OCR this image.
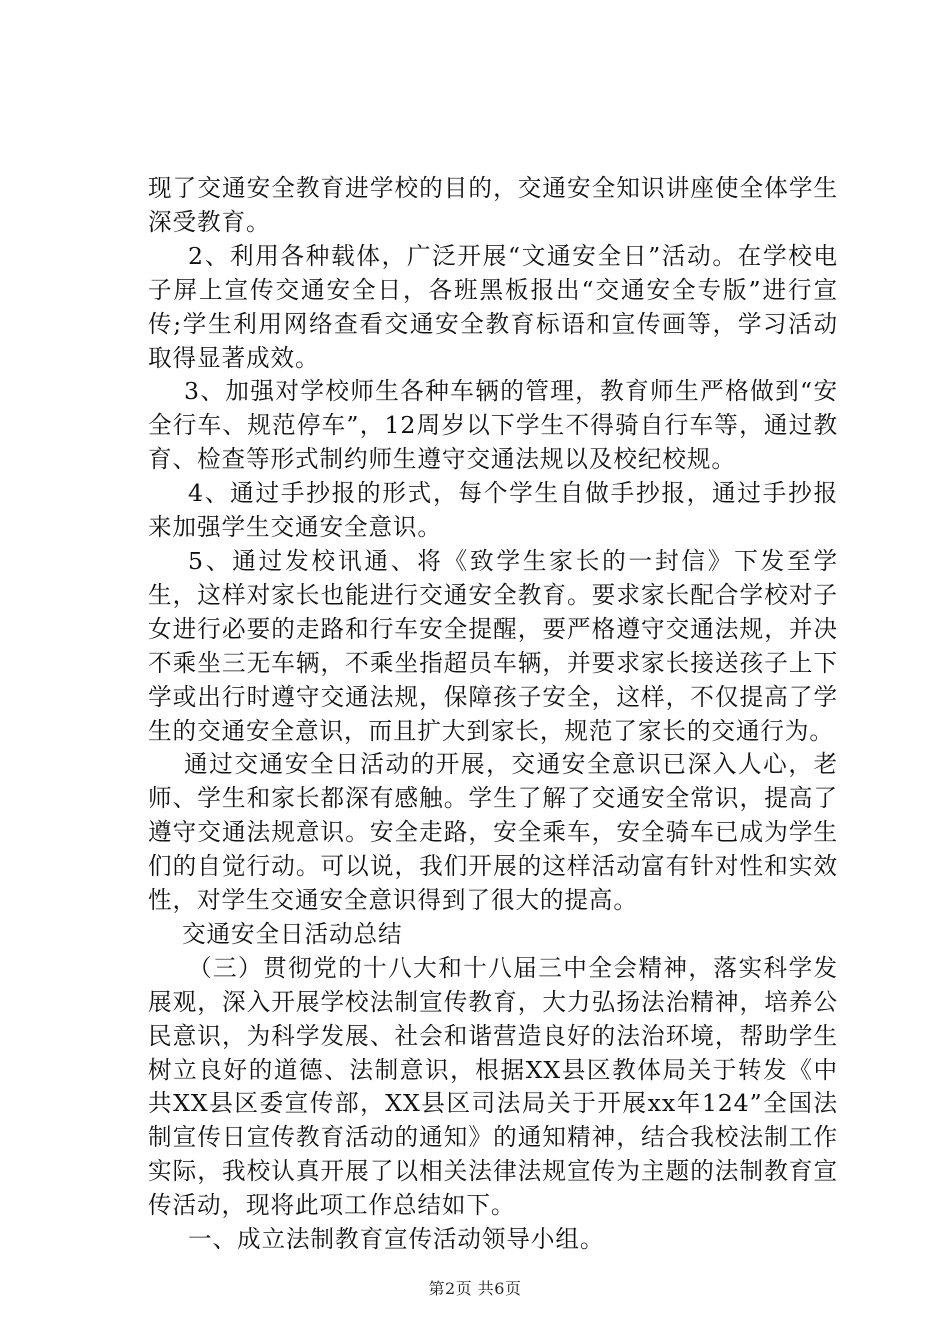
现了交通安全教育进学校的目的，交通安全知识讲座使全体学生深受教育。

2、利用各种载体，广泛开展“文通安全日”活动。在学校电子屏上宣传交通安全日，各班黑板报出“交通安全专版”进行宣传;学生利用网络查看交通安全教育标语和宣传画等，学习活动取得显著成效。

3、加强对学校师生各种车辆的管理，教育师生严格做到“安全行车、规范停车”，12周岁以下学生不得骑自行车等，通过教育、检查等形式制约师生遵守交通法规以及校纪校规。

4、通过手抄报的形式，每个学生自做手抄报，通过手抄报来加强学生交通安全意识。

5、通过发校讯通、将《致学生家长的一封信》下发至学生，这样对家长也能进行交通安全教育。要求家长配合学校对子女进行必要的走路和行车安全提醒，要严格遵守交通法规，并决不乘坐三无车辆，不乘坐指超员车辆，并要求家长接送孩子上下学或出行时遵守交通法规，保障孩子安全，这样，不仅提高了学生的交通安全意识，而且扩大到家长，规范了家长的交通行为。

通过交通安全日活动的开展，交通安全意识已深入人心，老师、学生和家长都深有感触。学生了解了交通安全常识，提高了遵守交通法规意识。安全走路，安全乘车，安全骑车已成为学生们的自觉行动。可以说，我们开展的这样活动富有针对性和实效性，对学生交通安全意识得到了很大的提高。

交通安全日活动总结

（三）贯彻党的十八大和十八届三中全会精神，落实科学发展观，深入开展学校法制宣传教育，大力弘扬法治精神，培养公民意识，为科学发展、社会和谐营造良好的法治环境，帮助学生树立良好的道德、法制意识，根据XX县区教体局关于转发《中共XX县区委宣传部，XX县区司法局关于开展xx年124”全国法制宣传日宣传教育活动的通知》的通知精神，结合我校法制工作实际，我校认真开展了以相关法律法规宣传为主题的法制教育宣传活动，现将此项工作总结如下。

一、成立法制教育宣传活动领导小组。

第2页 共6页
